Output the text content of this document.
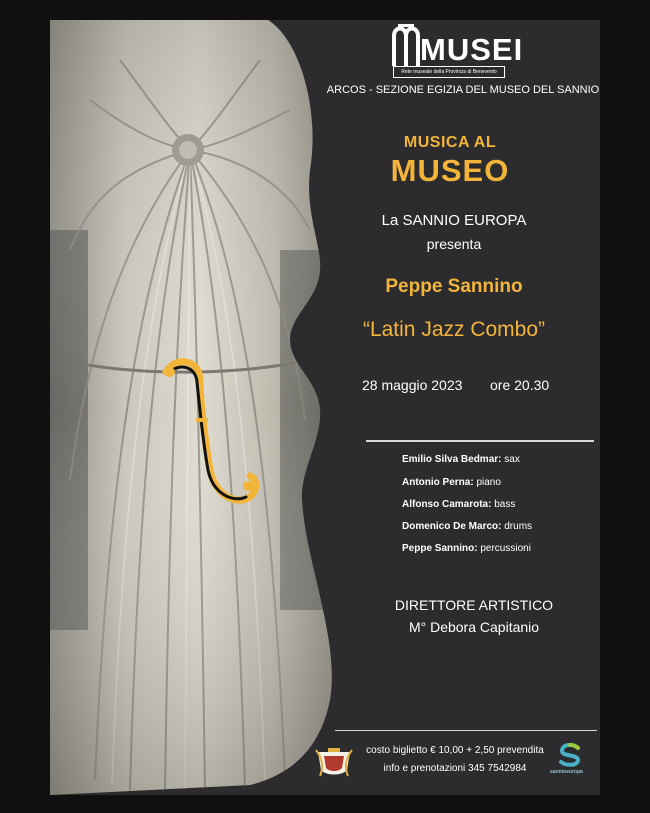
MUSEI
Rete museale della Provincia di Benevento
ARCOS - SEZIONE EGIZIA DEL MUSEO DEL SANNIO
MUSICA AL
MUSEO
La SANNIO EUROPA
presenta
Peppe Sannino
“Latin Jazz Combo”
28 maggio 2023 ore 20.30
Emilio Silva Bedmar: sax
Antonio Perna: piano
Alfonso Camarota: bass
Domenico De Marco: drums
Peppe Sannino: percussioni
DIRETTORE ARTISTICO
M° Debora Capitanio
costo biglietto € 10,00 + 2,50 prevendita
info e prenotazioni 345 7542984	sannioeuropa
